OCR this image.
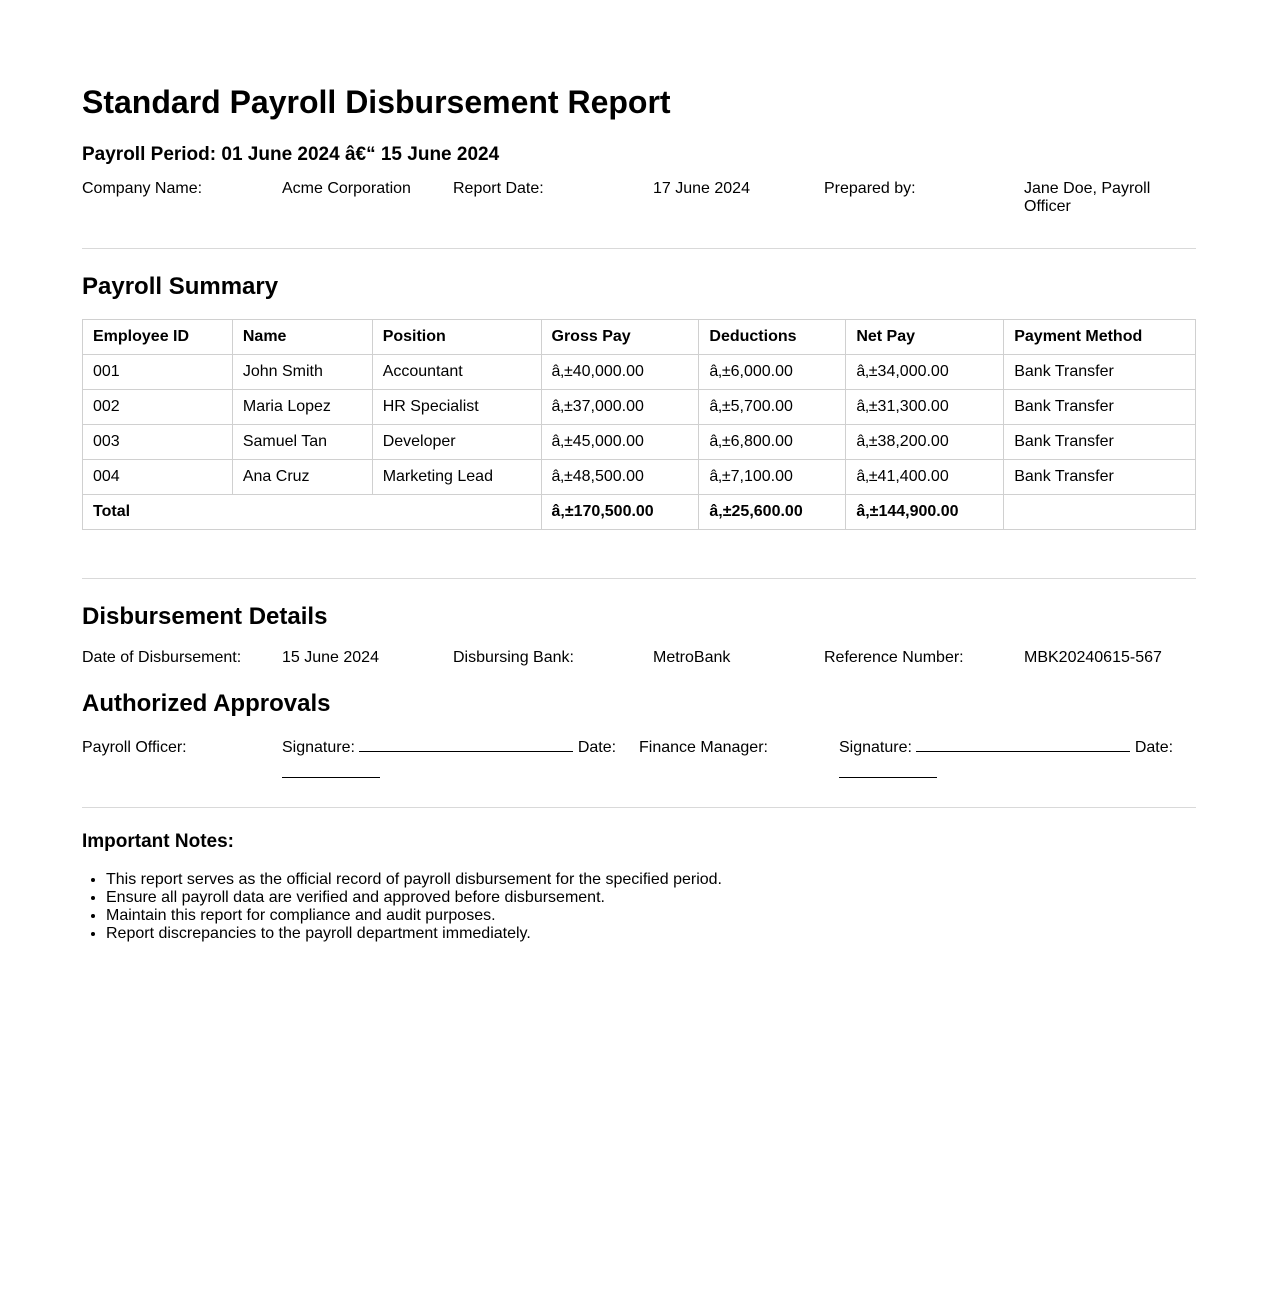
Standard Payroll Disbursement Report
Payroll Period: 01 June 2024 â€“ 15 June 2024
Company Name:	Acme Corporation	Report Date:	17 June 2024	Prepared by:	Jane Doe, Payroll Officer
Payroll Summary
Employee ID	Name	Position	Gross Pay	Deductions	Net Pay	Payment Method
001	John Smith	Accountant	â‚±40,000.00	â‚±6,000.00	â‚±34,000.00	Bank Transfer
002	Maria Lopez	HR Specialist	â‚±37,000.00	â‚±5,700.00	â‚±31,300.00	Bank Transfer
003	Samuel Tan	Developer	â‚±45,000.00	â‚±6,800.00	â‚±38,200.00	Bank Transfer
004	Ana Cruz	Marketing Lead	â‚±48,500.00	â‚±7,100.00	â‚±41,400.00	Bank Transfer
Total			â‚±170,500.00	â‚±25,600.00	â‚±144,900.00	
Disbursement Details
Date of Disbursement:	15 June 2024	Disbursing Bank:	MetroBank	Reference Number:	MBK20240615-567
Authorized Approvals
Payroll Officer:	Signature:	Date:	Finance Manager:	Signature:	Date:

Important Notes:
• This report serves as the official record of payroll disbursement for the specified period.
• Ensure all payroll data are verified and approved before disbursement.
• Maintain this report for compliance and audit purposes.
• Report discrepancies to the payroll department immediately.
